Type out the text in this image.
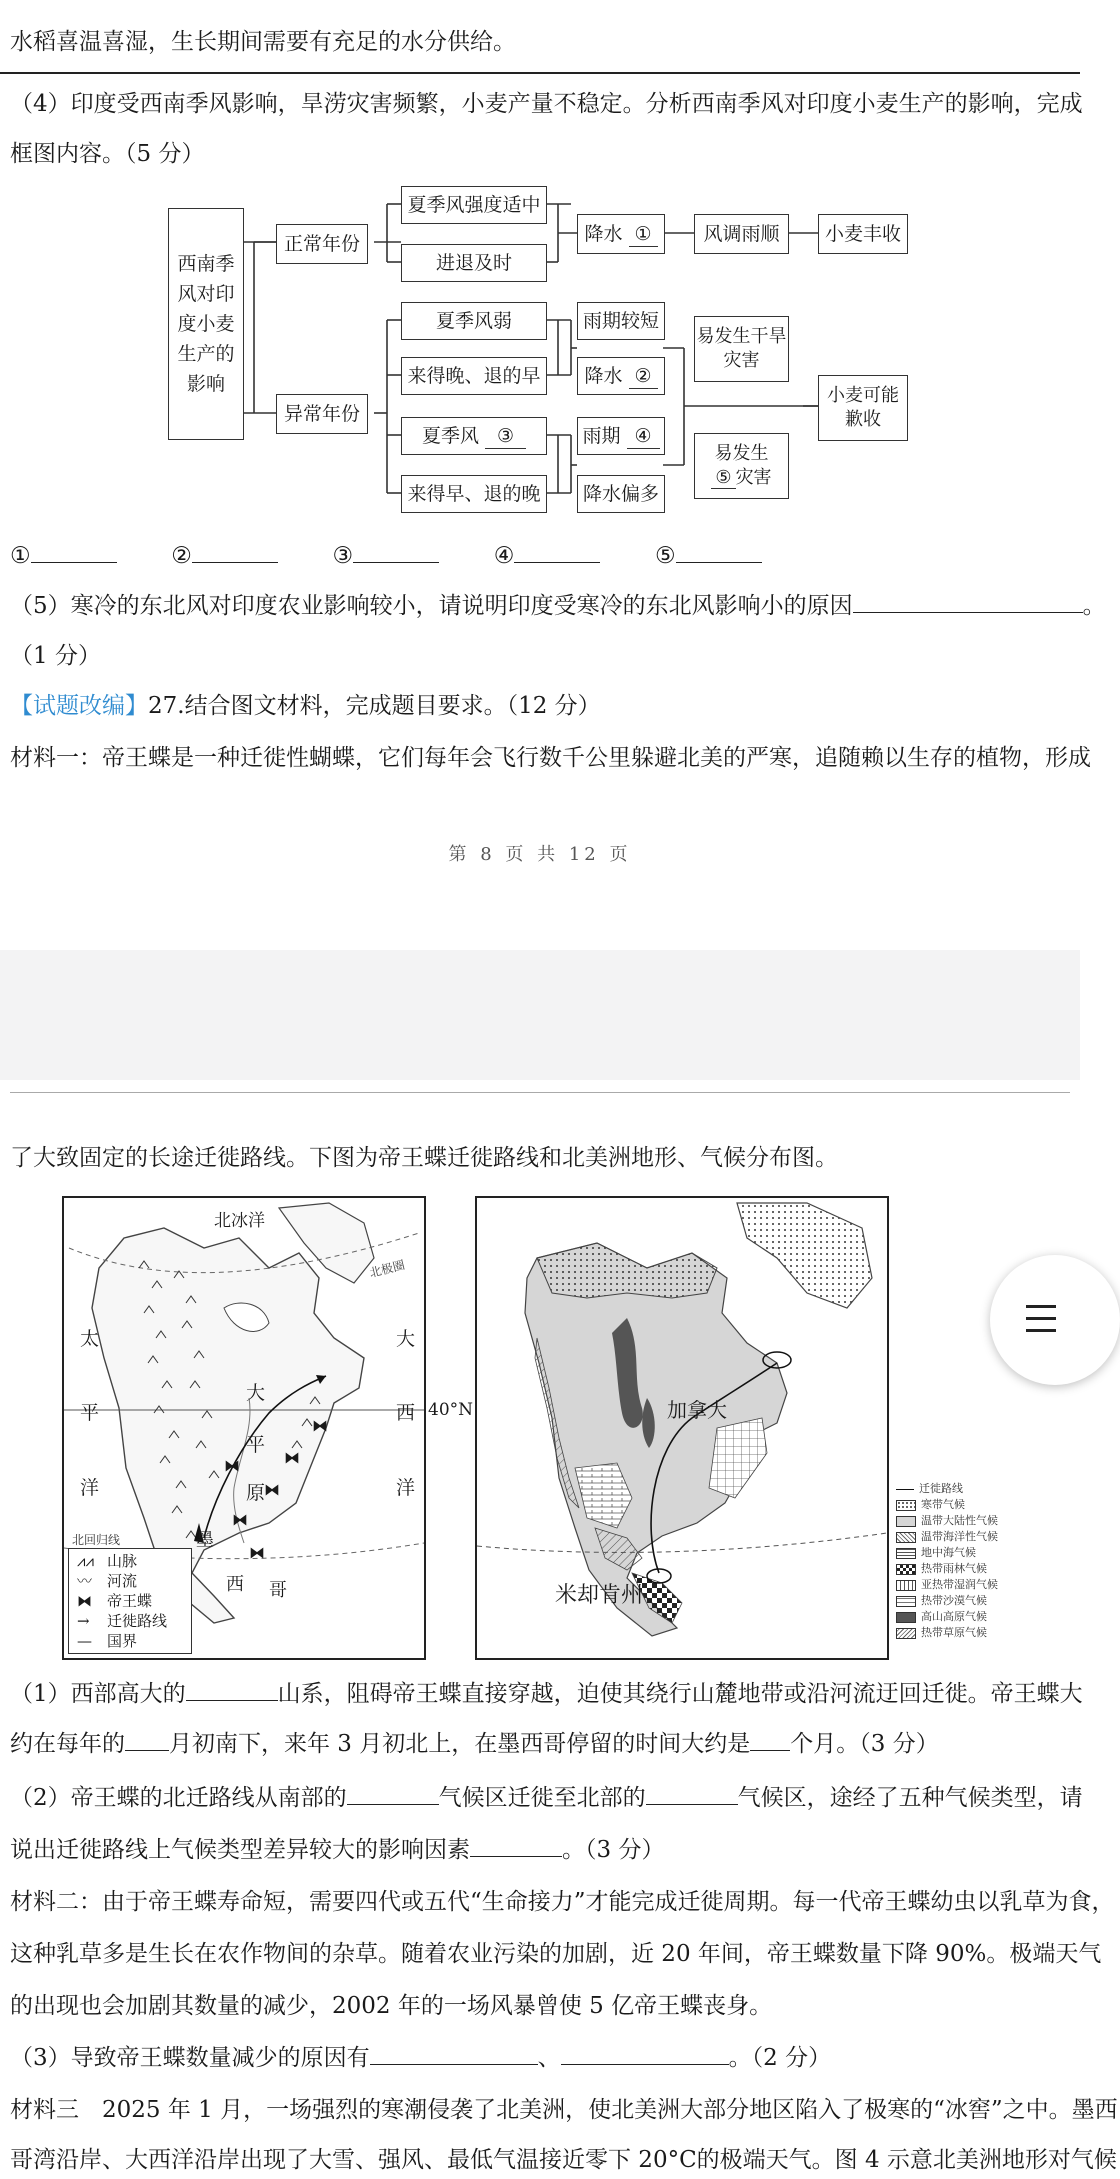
水稻喜温喜湿，生长期间需要有充足的水分供给。
（4）印度受西南季风影响，旱涝灾害频繁，小麦产量不稳定。分析西南季风对印度小麦生产的影响，完成
框图内容。（5 分）
西南季风对印度小麦生产的影响
正常年份
异常年份
夏季风强度适中
进退及时
降水
①	风调雨顺 小麦丰收
夏季风弱
来得晚、退的早
夏季风
③
来得早、退的晚
雨期较短
降水
②
雨期
④
降水偏多
易发生干旱灾害
易发生
⑤ 灾害
小麦可能歉收
①	②	③	④	⑤
（5）寒冷的东北风对印度农业影响较小，请说明印度受寒冷的东北风影响小的原因	。
（1 分）
【试题改编】27.结合图文材料，完成题目要求。（12 分）
材料一：帝王蝶是一种迁徙性蝴蝶，它们每年会飞行数千公里躲避北美的严寒，追随赖以生存的植物，形成
第 8 页 共 12 页
了大致固定的长途迁徙路线。下图为帝王蝶迁徙路线和北美洲地形、气候分布图。
北冰洋
北极圈
太
平
洋
大
西
洋
大
平
原
墨
西 哥
北回归线
⧓
⧓
⧓
⧓
⧓
⧓
⩘⩘ 山脉
〰 河流
⧓ 帝王蝶
→ 迁徙路线
— 国界
40°N	加拿大
米却肯州
迁徙路线
寒带气候
温带大陆性气候
温带海洋性气候
地中海气候
热带雨林气候
亚热带湿润气候
热带沙漠气候
高山高原气候
热带草原气候
（1）西部高大的	山系，阻碍帝王蝶直接穿越，迫使其绕行山麓地带或沿河流迂回迁徙。帝王蝶大
约在每年的 月初南下，来年 3 月初北上，在墨西哥停留的时间大约是 个月。（3 分）
（2）帝王蝶的北迁路线从南部的	气候区迁徙至北部的	气候区，途经了五种气候类型，请
说出迁徙路线上气候类型差异较大的影响因素	。（3 分）
材料二：由于帝王蝶寿命短，需要四代或五代“生命接力”才能完成迁徙周期。每一代帝王蝶幼虫以乳草为食，
这种乳草多是生长在农作物间的杂草。随着农业污染的加剧，近 20 年间，帝王蝶数量下降 90%。极端天气
的出现也会加剧其数量的减少，2002 年的一场风暴曾使 5 亿帝王蝶丧身。
（3）导致帝王蝶数量减少的原因有	、	。（2 分）
材料三　2025 年 1 月，一场强烈的寒潮侵袭了北美洲，使北美洲大部分地区陷入了极寒的“冰窖”之中。墨西
哥湾沿岸、大西洋沿岸出现了大雪、强风、最低气温接近零下 20°C的极端天气。图 4 示意北美洲地形对气候
